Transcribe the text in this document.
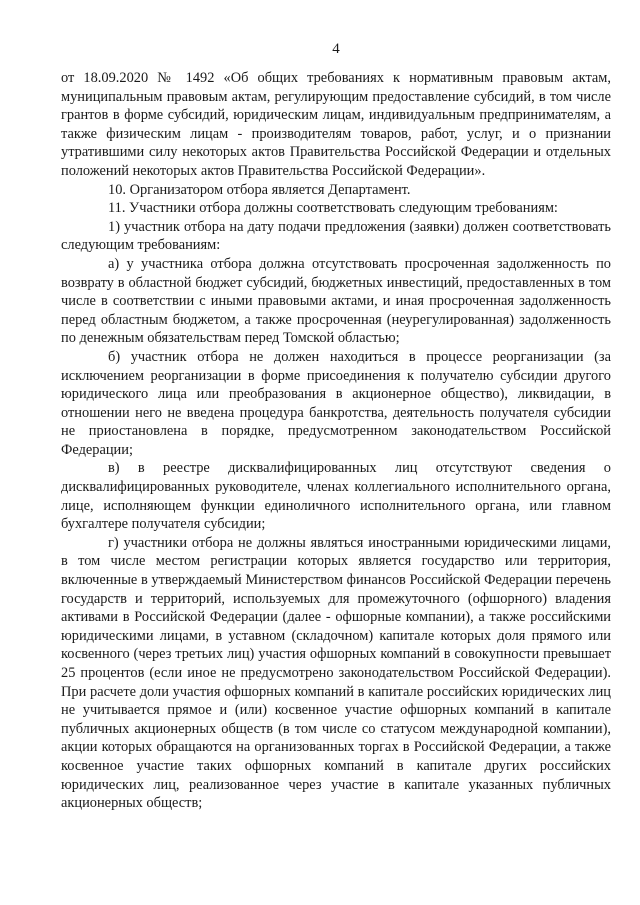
4

от 18.09.2020 № 1492 «Об общих требованиях к нормативным правовым актам, муниципальным правовым актам, регулирующим предоставление субсидий, в том числе грантов в форме субсидий, юридическим лицам, индивидуальным предпринимателям, а также физическим лицам - производителям товаров, работ, услуг, и о признании утратившими силу некоторых актов Правительства Российской Федерации и отдельных положений некоторых актов Правительства Российской Федерации».

10. Организатором отбора является Департамент.

11. Участники отбора должны соответствовать следующим требованиям:

1) участник отбора на дату подачи предложения (заявки) должен соответствовать следующим требованиям:

а) у участника отбора должна отсутствовать просроченная задолженность по возврату в областной бюджет субсидий, бюджетных инвестиций, предоставленных в том числе в соответствии с иными правовыми актами, и иная просроченная задолженность перед областным бюджетом, а также просроченная (неурегулированная) задолженность по денежным обязательствам перед Томской областью;

б) участник отбора не должен находиться в процессе реорганизации (за исключением реорганизации в форме присоединения к получателю субсидии другого юридического лица или преобразования в акционерное общество), ликвидации, в отношении него не введена процедура банкротства, деятельность получателя субсидии не приостановлена в порядке, предусмотренном законодательством Российской Федерации;

в) в реестре дисквалифицированных лиц отсутствуют сведения о дисквалифицированных руководителе, членах коллегиального исполнительного органа, лице, исполняющем функции единоличного исполнительного органа, или главном бухгалтере получателя субсидии;

г) участники отбора не должны являться иностранными юридическими лицами, в том числе местом регистрации которых является государство или территория, включенные в утверждаемый Министерством финансов Российской Федерации перечень государств и территорий, используемых для промежуточного (офшорного) владения активами в Российской Федерации (далее - офшорные компании), а также российскими юридическими лицами, в уставном (складочном) капитале которых доля прямого или косвенного (через третьих лиц) участия офшорных компаний в совокупности превышает 25 процентов (если иное не предусмотрено законодательством Российской Федерации). При расчете доли участия офшорных компаний в капитале российских юридических лиц не учитывается прямое и (или) косвенное участие офшорных компаний в капитале публичных акционерных обществ (в том числе со статусом международной компании), акции которых обращаются на организованных торгах в Российской Федерации, а также косвенное участие таких офшорных компаний в капитале других российских юридических лиц, реализованное через участие в капитале указанных публичных акционерных обществ;
